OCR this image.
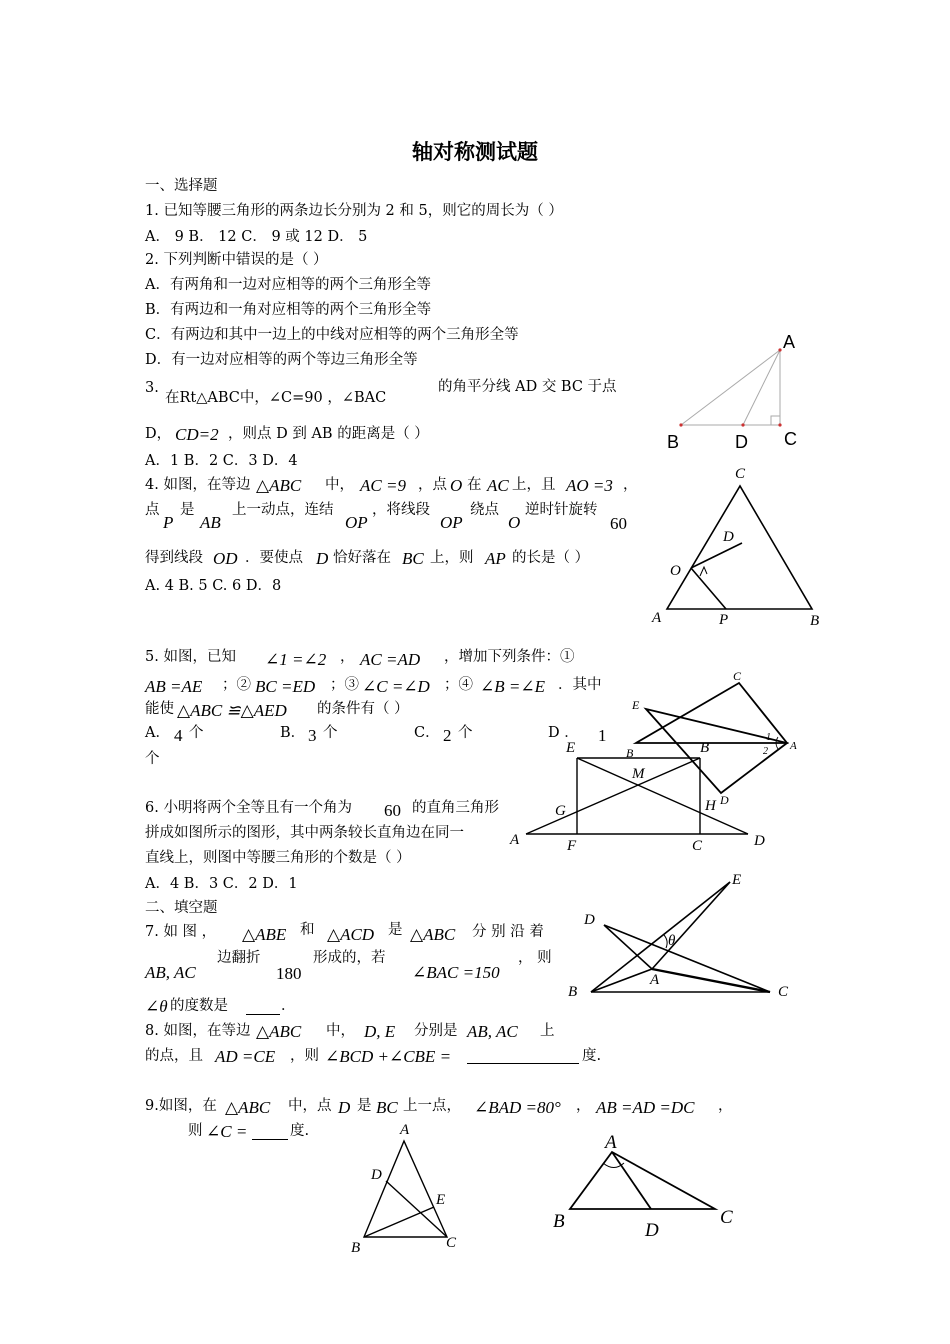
轴对称测试题
一、选择题
1. 已知等腰三角形的两条边长分别为 2 和 5，则它的周长为（ ）
A． 9 B． 12 C． 9 或 12 D． 5
2. 下列判断中错误的是（ ）
A．有两角和一边对应相等的两个三角形全等
B．有两边和一角对应相等的两个三角形全等
C．有两边和其中一边上的中线对应相等的两个三角形全等
D．有一边对应相等的两个等边三角形全等
3.
在Rt△ABC中，∠C=90 ，∠BAC
的角平分线 AD 交 BC 于点
D， CD=2 ，则点 D 到 AB 的距离是（ ）
A．1 B．2 C．3 D．4
4. 如图，在等边 △ABC 中， AC =9 ，点 O 在 AC 上，且 AO =3 ，
点
P
是
AB
上一动点，连结
OP
，将线段
OP
绕点
O
逆时针旋转
60
得到线段 OD ．要使点 D 恰好落在 BC 上，则 AP 的长是（ ）
A. 4 B. 5 C. 6 D．8
5. 如图，已知 ∠1 =∠2 ， AC =AD ，增加下列条件：①
AB =AE ；② BC =ED ；③ ∠C =∠D ；④ ∠B =∠E ．其中
能使 △ABC ≌△AED 的条件有（ ）
A． 4 个	B． 3 个	C． 2 个	D ． 1
个
6. 小明将两个全等且有一个角为 60 的直角三角形
拼成如图所示的图形，其中两条较长直角边在同一
直线上，则图中等腰三角形的个数是（ ）
A．4 B．3 C．2 D．1
二、填空题
7. 如 图 ， △ABE 和 △ACD 是 △ABC 分 别 沿 着
AB, AC
边翻折
180
形成的，若
∠BAC =150
， 则
∠θ 的度数是	．
8. 如图，在等边 △ABC 中， D, E 分别是 AB, AC 上
的点，且 AD =CE ，则 ∠BCD +∠CBE =	度.
9.如图，在 △ABC 中，点 D 是 BC 上一点， ∠BAD =80° ， AB =AD =DC ，
则 ∠C =	度.
A
B	D C
C
D
O
A	P	B
C
E
B	A
D
1
2
E	B
M
G	H
A	F	C	D
E
D
θ
A
B	C
A
D
E
B	C
A
B	D
C
